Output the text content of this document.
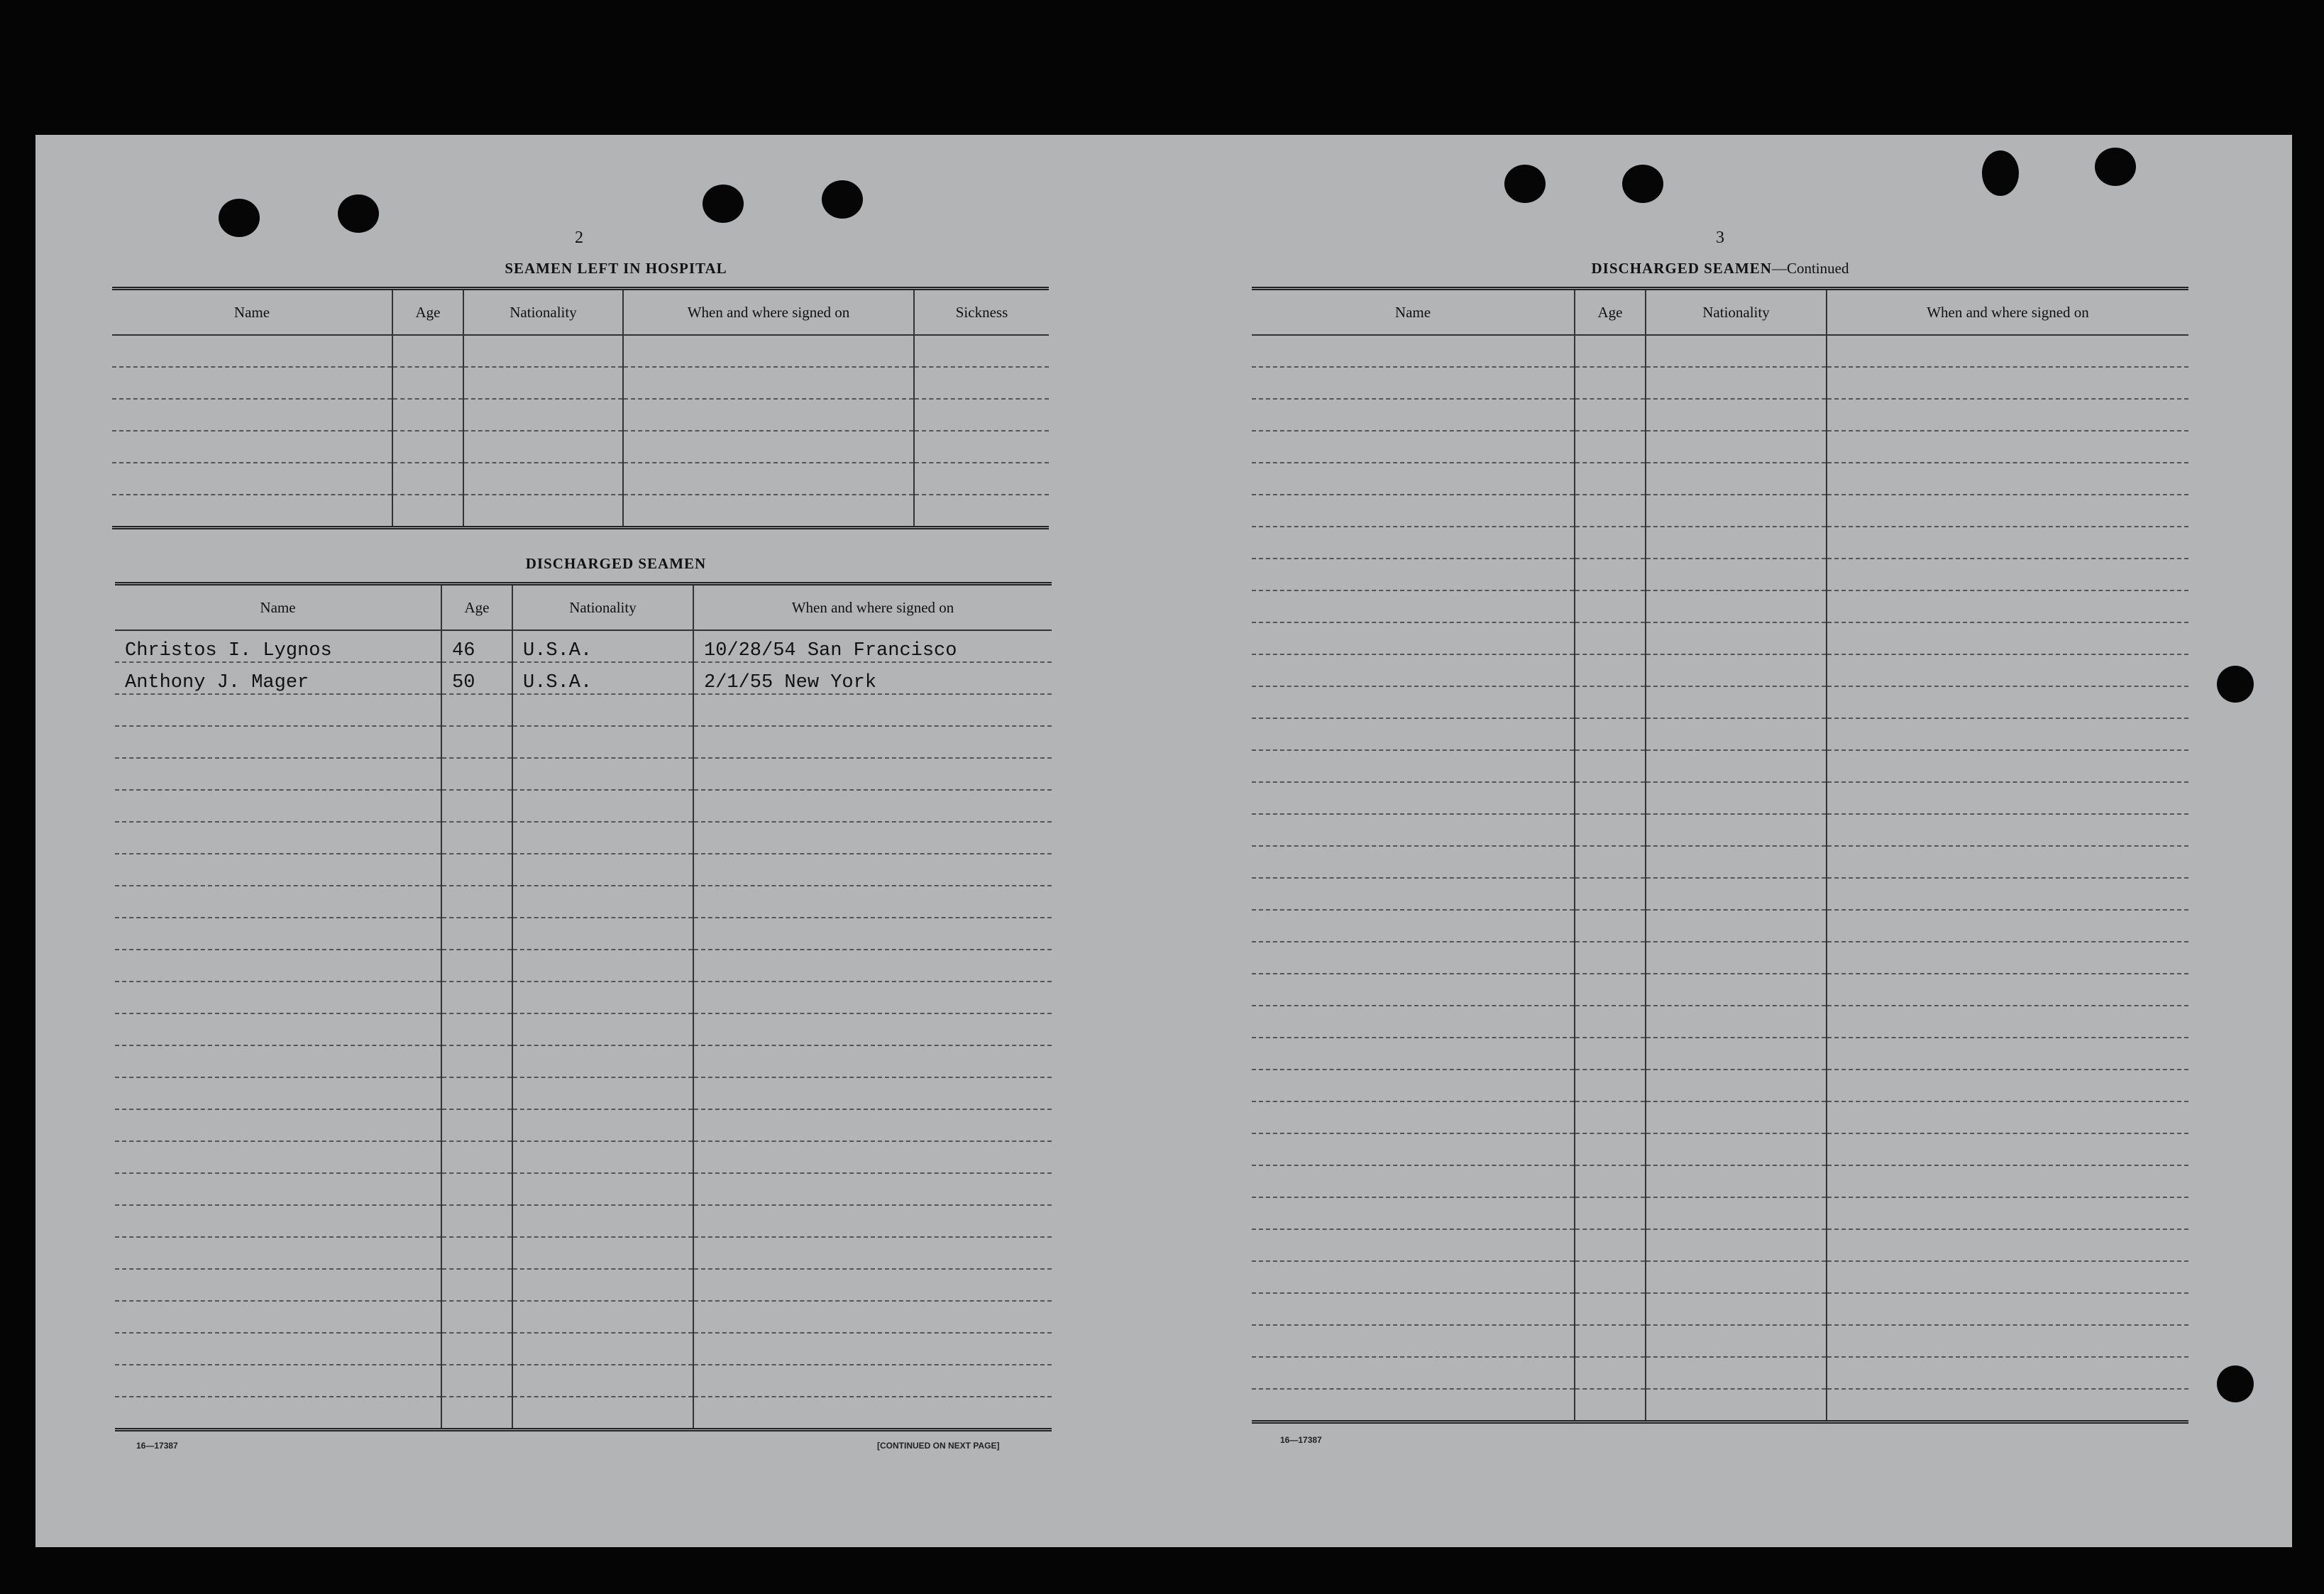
2
SEAMEN LEFT IN HOSPITAL
Name	Age	Nationality	When and where signed on	Sickness

DISCHARGED SEAMEN
Name	Age	Nationality	When and where signed on
Christos I. Lygnos	46	U.S.A.	10/28/54 San Francisco
Anthony J. Mager	50	U.S.A.	2/1/55 New York

16—17387	[CONTINUED ON NEXT PAGE]
3
DISCHARGED SEAMEN—Continued
Name	Age	Nationality	When and where signed on

16—17387
